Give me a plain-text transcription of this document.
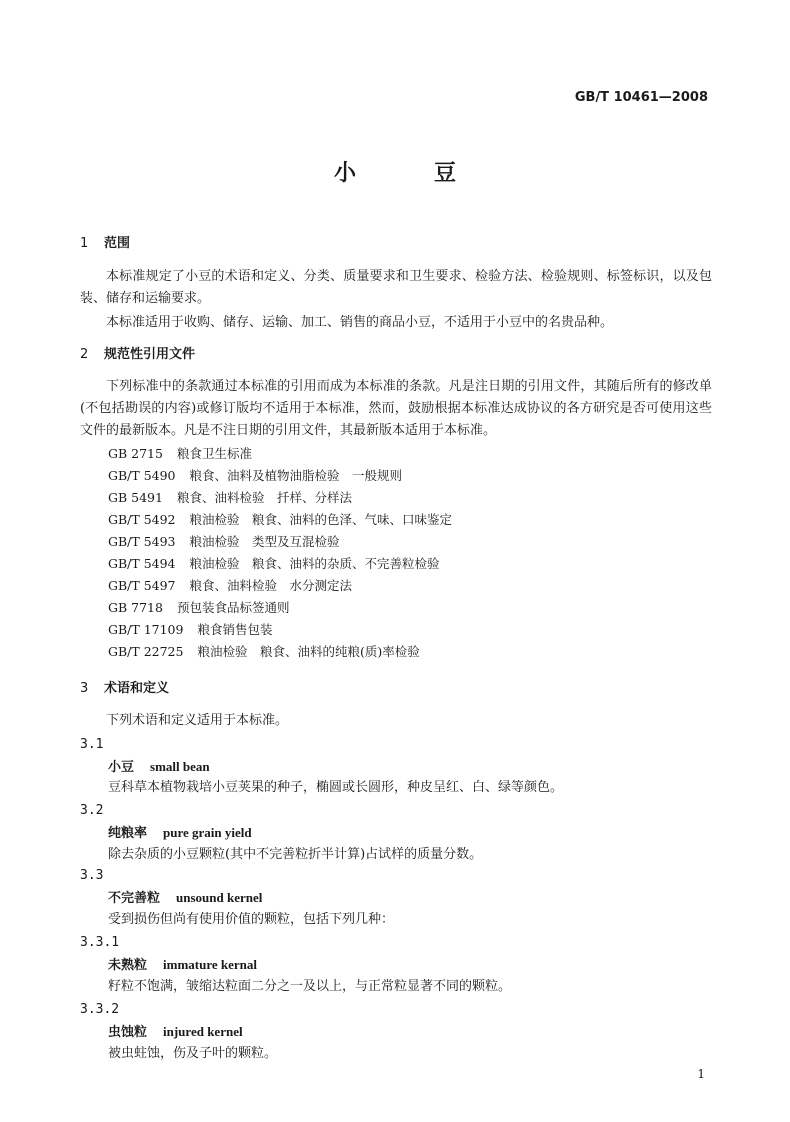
GB/T 10461—2008
小豆
1 范围
本标准规定了小豆的术语和定义、分类、质量要求和卫生要求、检验方法、检验规则、标签标识，以及包装、储存和运输要求。
本标准适用于收购、储存、运输、加工、销售的商品小豆，不适用于小豆中的名贵品种。
2 规范性引用文件
下列标准中的条款通过本标准的引用而成为本标准的条款。凡是注日期的引用文件，其随后所有的修改单(不包括勘误的内容)或修订版均不适用于本标准，然而，鼓励根据本标准达成协议的各方研究是否可使用这些文件的最新版本。凡是不注日期的引用文件，其最新版本适用于本标准。
GB 2715 粮食卫生标准
GB/T 5490 粮食、油料及植物油脂检验　一般规则
GB 5491 粮食、油料检验　扦样、分样法
GB/T 5492 粮油检验　粮食、油料的色泽、气味、口味鉴定
GB/T 5493 粮油检验　类型及互混检验
GB/T 5494 粮油检验　粮食、油料的杂质、不完善粒检验
GB/T 5497 粮食、油料检验　水分测定法
GB 7718 预包装食品标签通则
GB/T 17109 粮食销售包装
GB/T 22725 粮油检验　粮食、油料的纯粮(质)率检验
3 术语和定义
下列术语和定义适用于本标准。
3.1
小豆 small bean
豆科草本植物栽培小豆荚果的种子，椭圆或长圆形，种皮呈红、白、绿等颜色。
3.2
纯粮率 pure grain yield
除去杂质的小豆颗粒(其中不完善粒折半计算)占试样的质量分数。
3.3
不完善粒 unsound kernel
受到损伤但尚有使用价值的颗粒，包括下列几种：
3.3.1
未熟粒 immature kernal
籽粒不饱满，皱缩达粒面二分之一及以上，与正常粒显著不同的颗粒。
3.3.2
虫蚀粒 injured kernel
被虫蛀蚀，伤及子叶的颗粒。
1
